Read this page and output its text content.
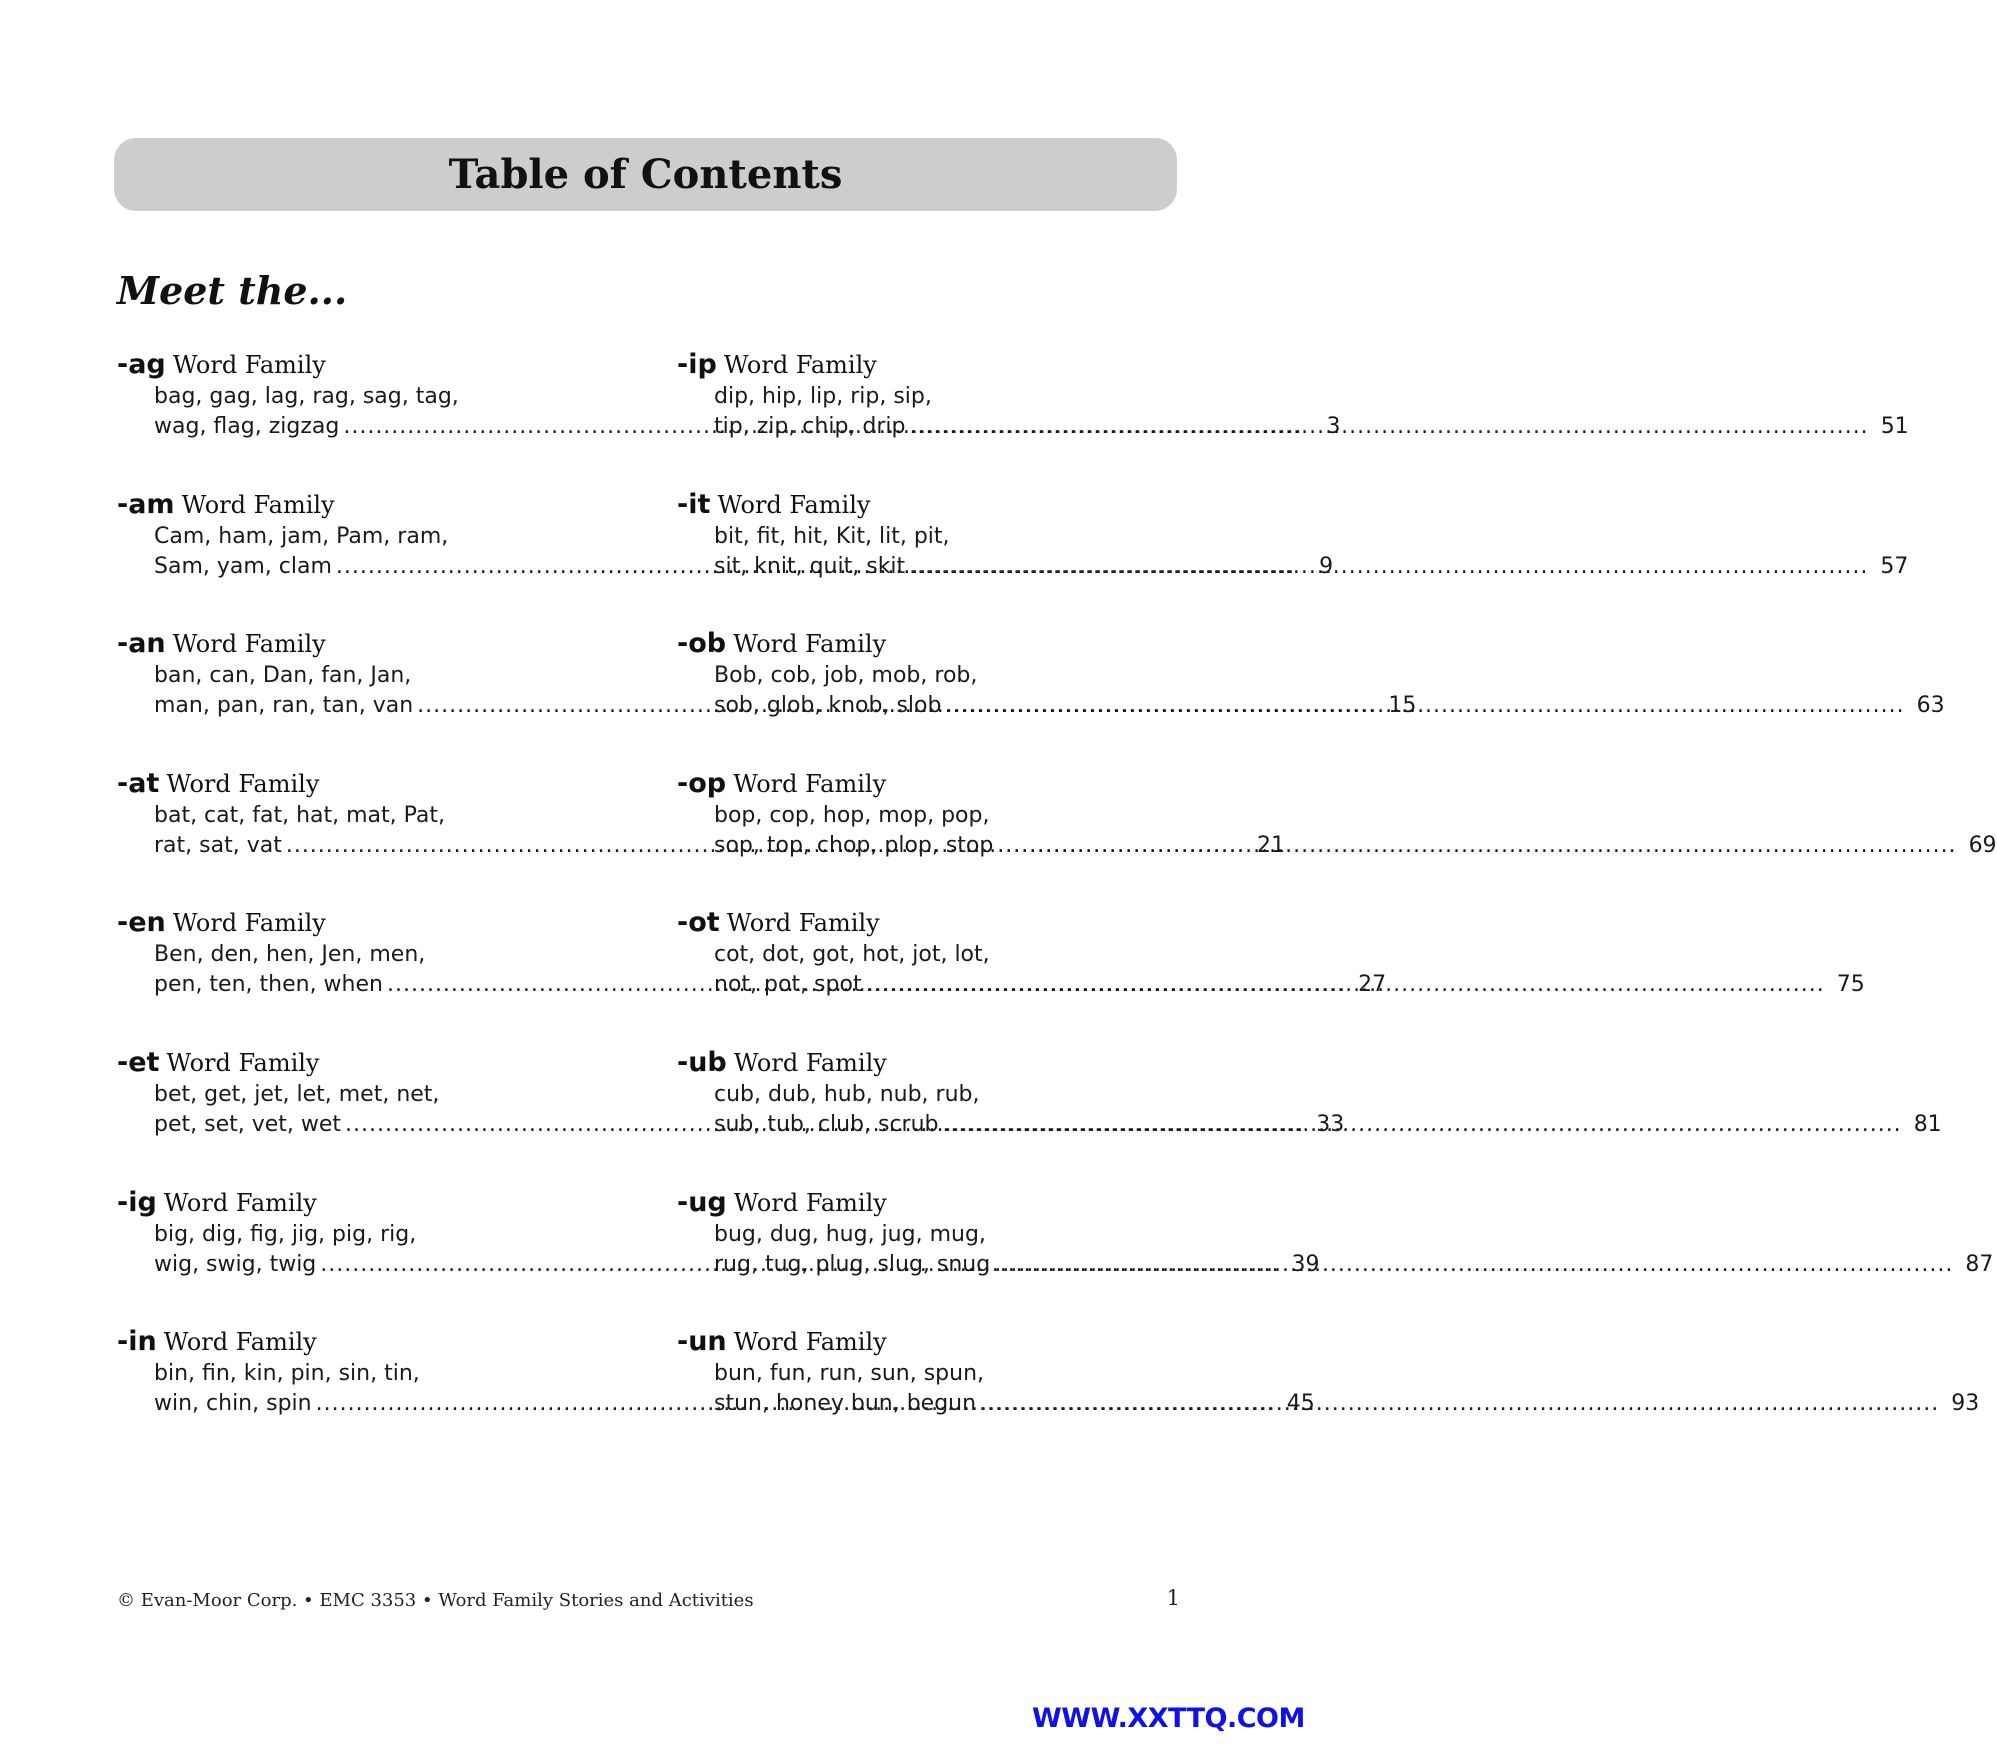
Table of Contents
Meet the...
-ag Word Family
bag, gag, lag, rag, sag, tag,
wag, flag, zigzag .....	3
-am Word Family
Cam, ham, jam, Pam, ram,
Sam, yam, clam .....	9
-an Word Family
ban, can, Dan, fan, Jan,
man, pan, ran, tan, van .....	15
-at Word Family
bat, cat, fat, hat, mat, Pat,
rat, sat, vat .....	21
-en Word Family
Ben, den, hen, Jen, men,
pen, ten, then, when .....	27
-et Word Family
bet, get, jet, let, met, net,
pet, set, vet, wet .....	33
-ig Word Family
big, dig, fig, jig, pig, rig,
wig, swig, twig .....	39
-in Word Family
bin, fin, kin, pin, sin, tin,
win, chin, spin .....	45
-ip Word Family
dip, hip, lip, rip, sip,
tip, zip, chip, drip .....	51
-it Word Family
bit, fit, hit, Kit, lit, pit,
sit, knit, quit, skit .....	57
-ob Word Family
Bob, cob, job, mob, rob,
sob, glob, knob, slob .....	63
-op Word Family
bop, cop, hop, mop, pop,
sop, top, chop, plop, stop .....	69
-ot Word Family
cot, dot, got, hot, jot, lot,
not, pot, spot .....	75
-ub Word Family
cub, dub, hub, nub, rub,
sub, tub, club, scrub .....	81
-ug Word Family
bug, dug, hug, jug, mug,
rug, tug, plug, slug, snug .....	87
-un Word Family
bun, fun, run, sun, spun,
stun, honey bun, begun .....	93
© Evan-Moor Corp. • EMC 3353 • Word Family Stories and Activities	1
WWW.XXTTQ.COM
